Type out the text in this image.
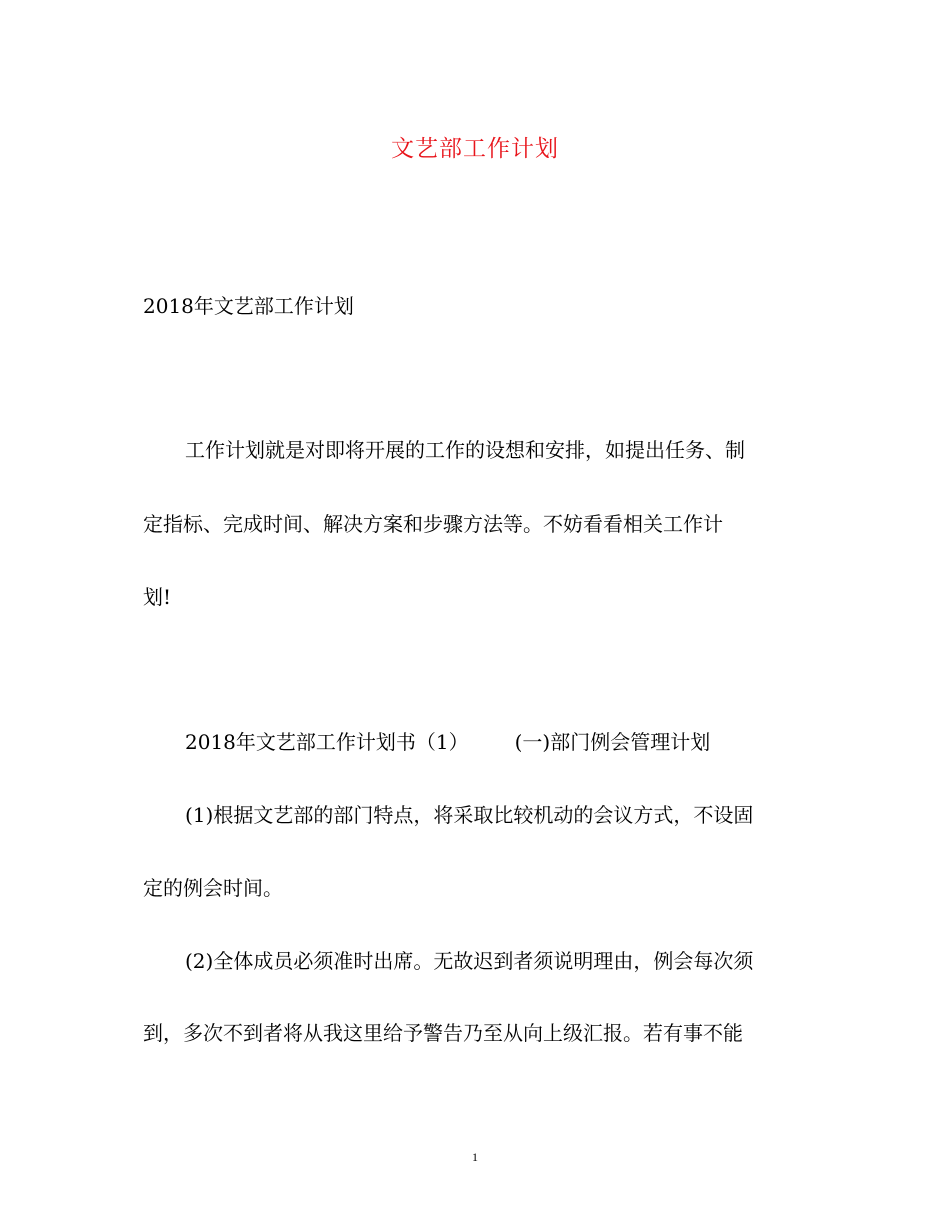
文艺部工作计划
2018年文艺部工作计划
工作计划就是对即将开展的工作的设想和安排，如提出任务、制
定指标、完成时间、解决方案和步骤方法等。不妨看看相关工作计
划!
2018年文艺部工作计划书（1） (一)部门例会管理计划
(1)根据文艺部的部门特点，将采取比较机动的会议方式，不设固
定的例会时间。
(2)全体成员必须准时出席。无故迟到者须说明理由，例会每次须
到，多次不到者将从我这里给予警告乃至从向上级汇报。若有事不能
1
